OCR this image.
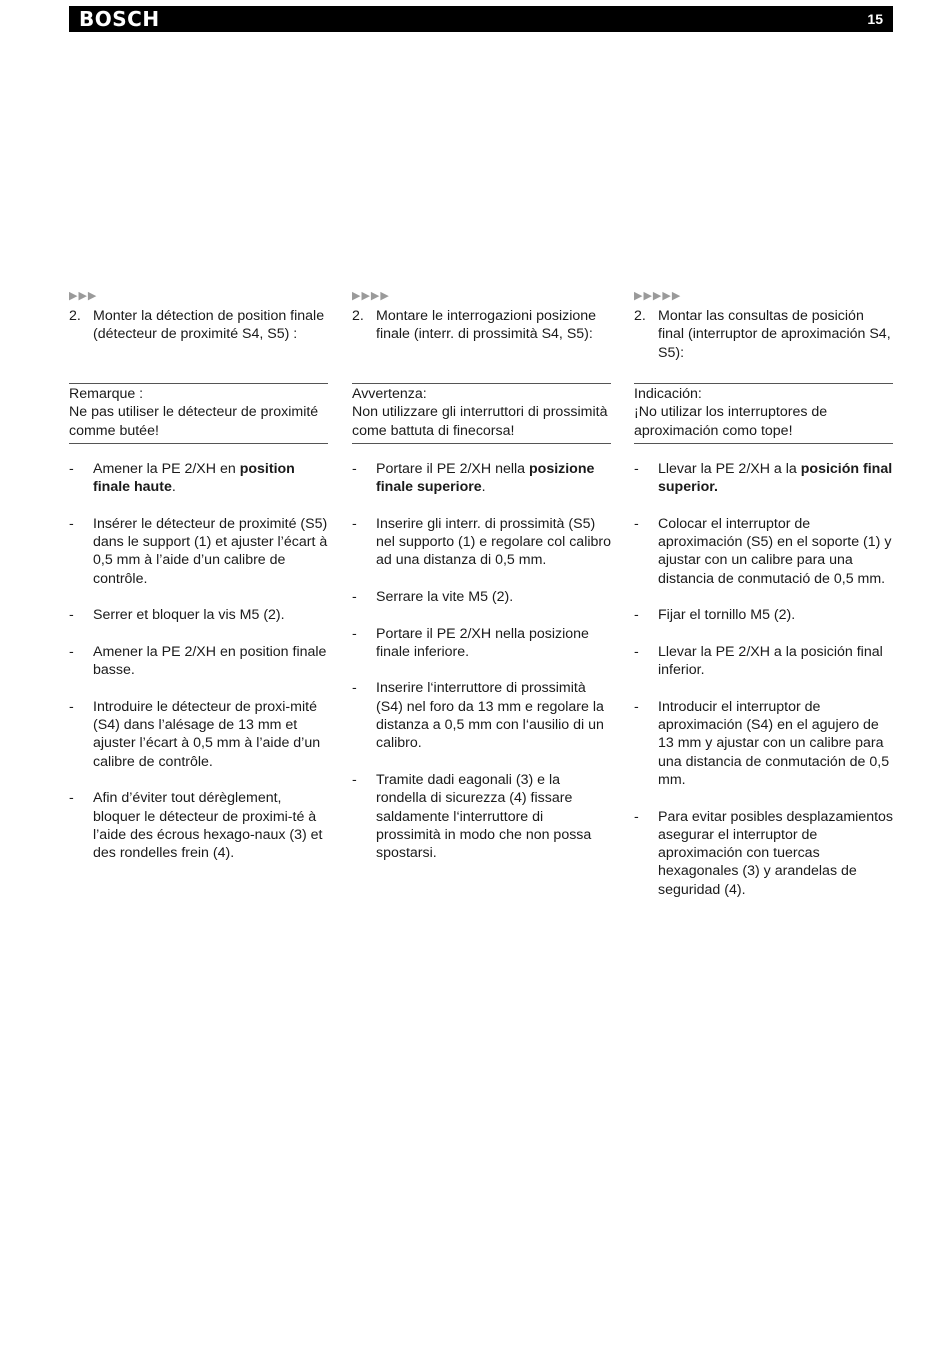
BOSCH	15
▶▶▶
2. Monter la détection de position finale (détecteur de proximité S4, S5) :
Remarque :
Ne pas utiliser le détecteur de proximité comme butée!
- Amener la PE 2/XH en position finale haute.
- Insérer le détecteur de proximité (S5) dans le support (1) et ajuster l’écart à 0,5 mm à l’aide d’un calibre de contrôle.
- Serrer et bloquer la vis M5 (2).
- Amener la PE 2/XH en position finale basse.
- Introduire le détecteur de proxi-mité (S4) dans l’alésage de 13 mm et ajuster l’écart à 0,5 mm à l’aide d’un calibre de contrôle.
- Afin d’éviter tout dérèglement, bloquer le détecteur de proximi-té à l’aide des écrous hexago-naux (3) et des rondelles frein (4).
▶▶▶▶
2. Montare le interrogazioni posizione finale (interr. di prossimità S4, S5):
Avvertenza:
Non utilizzare gli interruttori di prossimità come battuta di finecorsa!
- Portare il PE 2/XH nella posizione finale superiore.
- Inserire gli interr. di prossimità (S5) nel supporto (1) e regolare col calibro ad una distanza di 0,5 mm.
- Serrare la vite M5 (2).
- Portare il PE 2/XH nella posizione finale inferiore.
- Inserire l‘interruttore di prossimità (S4) nel foro da 13 mm e regolare la distanza a 0,5 mm con l‘ausilio di un calibro.
- Tramite dadi eagonali (3) e la rondella di sicurezza (4) fissare saldamente l‘interruttore di prossimità in modo che non possa spostarsi.
▶▶▶▶▶
2. Montar las consultas de posición final (interruptor de aproximación S4, S5):
Indicación:
¡No utilizar los interruptores de aproximación como tope!
- Llevar la PE 2/XH a la posición final superior.
- Colocar el interruptor de aproximación (S5) en el soporte (1) y ajustar con un calibre para una distancia de conmutació de 0,5 mm.
- Fijar el tornillo M5 (2).
- Llevar la PE 2/XH a la posición final inferior.
- Introducir el interruptor de aproximación (S4) en el agujero de 13 mm y ajustar con un calibre para una distancia de conmutación de 0,5 mm.
- Para evitar posibles desplazamientos asegurar el interruptor de aproximación con tuercas hexagonales (3) y arandelas de seguridad (4).
